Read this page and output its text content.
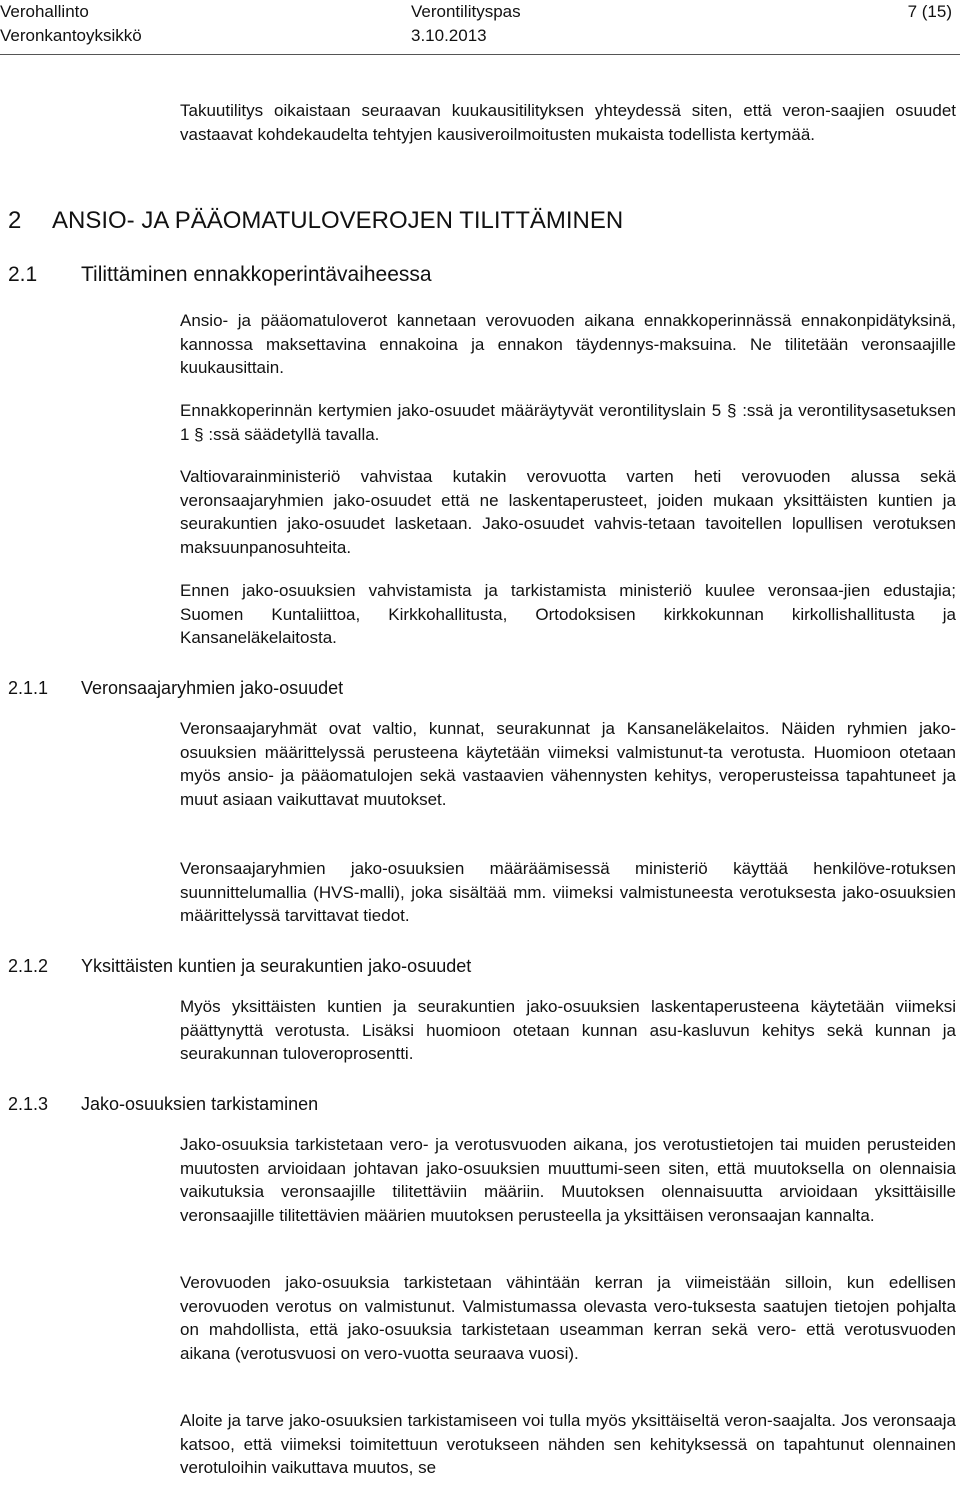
Verohallinto
Veronkantoyksikkö
Verontilityspas
3.10.2013
7 (15)

Takuutilitys oikaistaan seuraavan kuukausitilityksen yhteydessä siten, että veron-saajien osuudet vastaavat kohdekaudelta tehtyjen kausiveroilmoitusten mukaista todellista kertymää.

2 ANSIO- JA PÄÄOMATULOVEROJEN TILITTÄMINEN
2.1 Tilittäminen ennakkoperintävaiheessa

Ansio- ja pääomatuloverot kannetaan verovuoden aikana ennakkoperinnässä ennakonpidätyksinä, kannossa maksettavina ennakoina ja ennakon täydennys-maksuina. Ne tilitetään veronsaajille kuukausittain.

Ennakkoperinnän kertymien jako-osuudet määräytyvät verontilityslain 5 § :ssä ja verontilitysasetuksen 1 § :ssä säädetyllä tavalla.

Valtiovarainministeriö vahvistaa kutakin verovuotta varten heti verovuoden alussa sekä veronsaajaryhmien jako-osuudet että ne laskentaperusteet, joiden mukaan yksittäisten kuntien ja seurakuntien jako-osuudet lasketaan. Jako-osuudet vahvis-tetaan tavoitellen lopullisen verotuksen maksuunpanosuhteita.

Ennen jako-osuuksien vahvistamista ja tarkistamista ministeriö kuulee veronsaa-jien edustajia; Suomen Kuntaliittoa, Kirkkohallitusta, Ortodoksisen kirkkokunnan kirkollishallitusta ja Kansaneläkelaitosta.

2.1.1 Veronsaajaryhmien jako-osuudet

Veronsaajaryhmät ovat valtio, kunnat, seurakunnat ja Kansaneläkelaitos. Näiden ryhmien jako-osuuksien määrittelyssä perusteena käytetään viimeksi valmistunut-ta verotusta. Huomioon otetaan myös ansio- ja pääomatulojen sekä vastaavien vähennysten kehitys, veroperusteissa tapahtuneet ja muut asiaan vaikuttavat muutokset.

Veronsaajaryhmien jako-osuuksien määräämisessä ministeriö käyttää henkilöve-rotuksen suunnittelumallia (HVS-malli), joka sisältää mm. viimeksi valmistuneesta verotuksesta jako-osuuksien määrittelyssä tarvittavat tiedot.

2.1.2 Yksittäisten kuntien ja seurakuntien jako-osuudet

Myös yksittäisten kuntien ja seurakuntien jako-osuuksien laskentaperusteena käytetään viimeksi päättynyttä verotusta. Lisäksi huomioon otetaan kunnan asu-kasluvun kehitys sekä kunnan ja seurakunnan tuloveroprosentti.

2.1.3 Jako-osuuksien tarkistaminen

Jako-osuuksia tarkistetaan vero- ja verotusvuoden aikana, jos verotustietojen tai muiden perusteiden muutosten arvioidaan johtavan jako-osuuksien muuttumi-seen siten, että muutoksella on olennaisia vaikutuksia veronsaajille tilitettäviin määriin. Muutoksen olennaisuutta arvioidaan yksittäisille veronsaajille tilitettävien määrien muutoksen perusteella ja yksittäisen veronsaajan kannalta.

Verovuoden jako-osuuksia tarkistetaan vähintään kerran ja viimeistään silloin, kun edellisen verovuoden verotus on valmistunut. Valmistumassa olevasta vero-tuksesta saatujen tietojen pohjalta on mahdollista, että jako-osuuksia tarkistetaan useamman kerran sekä vero- että verotusvuoden aikana (verotusvuosi on vero-vuotta seuraava vuosi).

Aloite ja tarve jako-osuuksien tarkistamiseen voi tulla myös yksittäiseltä veron-saajalta. Jos veronsaaja katsoo, että viimeksi toimitettuun verotukseen nähden sen kehityksessä on tapahtunut olennainen verotuloihin vaikuttava muutos, se
